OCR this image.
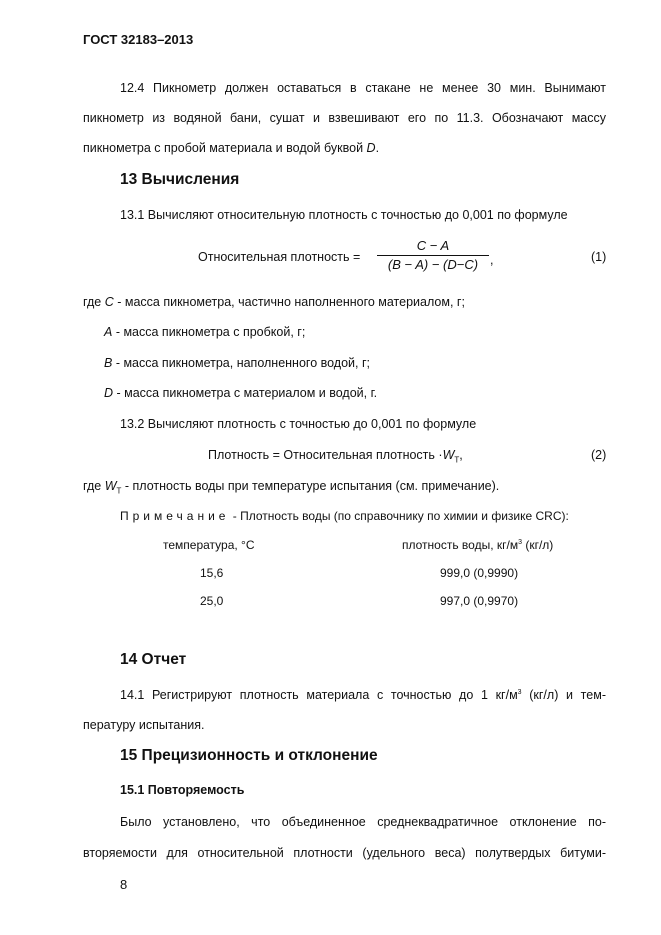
ГОСТ 32183–2013
12.4 Пикнометр должен оставаться в стакане не менее 30 мин. Вынимают
пикнометр из водяной бани, сушат и взвешивают его по 11.3. Обозначают массу
пикнометра с пробой материала и водой буквой D.
13 Вычисления
13.1 Вычисляют относительную плотность с точностью до 0,001 по формуле
Относительная плотность =
C − A
(B − A) − (D−C) ,	(1)
где C - масса пикнометра, частично наполненного материалом, г;
A - масса пикнометра с пробкой, г;
B - масса пикнометра, наполненного водой, г;
D - масса пикнометра с материалом и водой, г.
13.2 Вычисляют плотность с точностью до 0,001 по формуле
Плотность = Относительная плотность $\cdot W_T$,	(2)
где $W_T$ - плотность воды при температуре испытания (см. примечание).
Примечание - Плотность воды (по справочнику по химии и физике CRC):
температура, °C	плотность воды, $кг/м^3$ (кг/л)
15,6	999,0 (0,9990)
25,0	997,0 (0,9970)
14 Отчет
14.1 Регистрируют плотность материала с точностью до 1 $кг/м^3$ (кг/л) и тем-
пературу испытания.
15 Прецизионность и отклонение
15.1 Повторяемость
Было установлено, что объединенное среднеквадратичное отклонение по-
вторяемости для относительной плотности (удельного веса) полутвердых битуми-
8
